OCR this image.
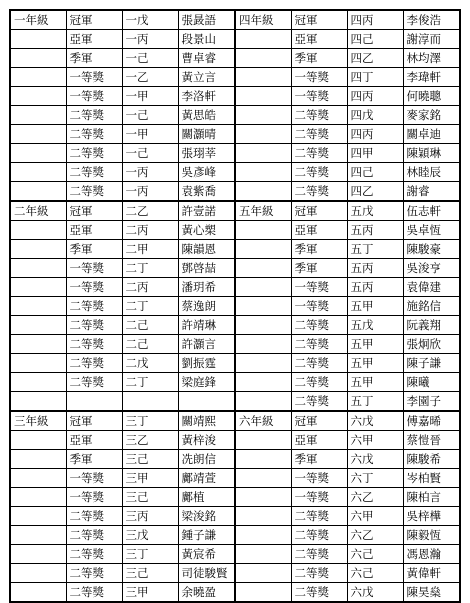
一年級	冠軍	一戊	張晸語	四年級	冠軍	四丙	李俊浩
	亞軍	一丙	段景山		亞軍	四己	謝淳而
	季軍	一己	曹卓睿		季軍	四乙	林均澤
	一等獎	一乙	黃立言		一等獎	四丁	李瑋軒
	一等獎	一甲	李洛軒		一等獎	四丙	何曉聰
	二等獎	一己	黃思皓		二等獎	四戊	麥家銘
	二等獎	一甲	關灝晴		二等獎	四丙	關卓迪
	二等獎	一己	張珝莘		二等獎	四甲	陳穎琳
	二等獎	一丙	吳彥峰		二等獎	四己	林睦辰
	二等獎	一丙	袁紫喬		二等獎	四乙	謝睿
二年級	冠軍	二乙	許壹諾	五年級	冠軍	五戊	伍志軒
	亞軍	二丙	黃心槊		亞軍	五丙	吳卓恆
	季軍	二甲	陳韻恩		季軍	五丁	陳駿豪
	一等獎	二丁	鄧啓喆		季軍	五丙	吳浚亨
	一等獎	二丙	潘玥希		一等獎	五丙	袁偉建
	二等獎	二丁	蔡逸朗		一等獎	五甲	施銘信
	二等獎	二己	許靖琳		二等獎	五戊	阮義翔
	二等獎	二己	許灝言		二等獎	五甲	張炯欣
	二等獎	二戊	劉振霆		二等獎	五甲	陳子謙
	二等獎	二丁	梁庭鋒		二等獎	五甲	陳曦
					二等獎	五丁	李園子
三年級	冠軍	三丁	關靖熙	六年級	冠軍	六戊	傅嘉晞
	亞軍	三乙	黃梓浚		亞軍	六甲	蔡愷晉
	季軍	三己	冼朗信		季軍	六戊	陳駿希
	一等獎	三甲	鄺靖萱		一等獎	六丁	岑柏賢
	一等獎	三己	鄺植		一等獎	六乙	陳柏言
	二等獎	三丙	梁浚銘		二等獎	六甲	吳梓樺
	二等獎	三戊	鍾子謙		二等獎	六乙	陳毅恆
	二等獎	三丁	黃宸希		二等獎	六己	馮恩瀚
	二等獎	三己	司徒駿賢		二等獎	六己	黃偉軒
	二等獎	三甲	余曉盈		二等獎	六戊	陳昊燊
